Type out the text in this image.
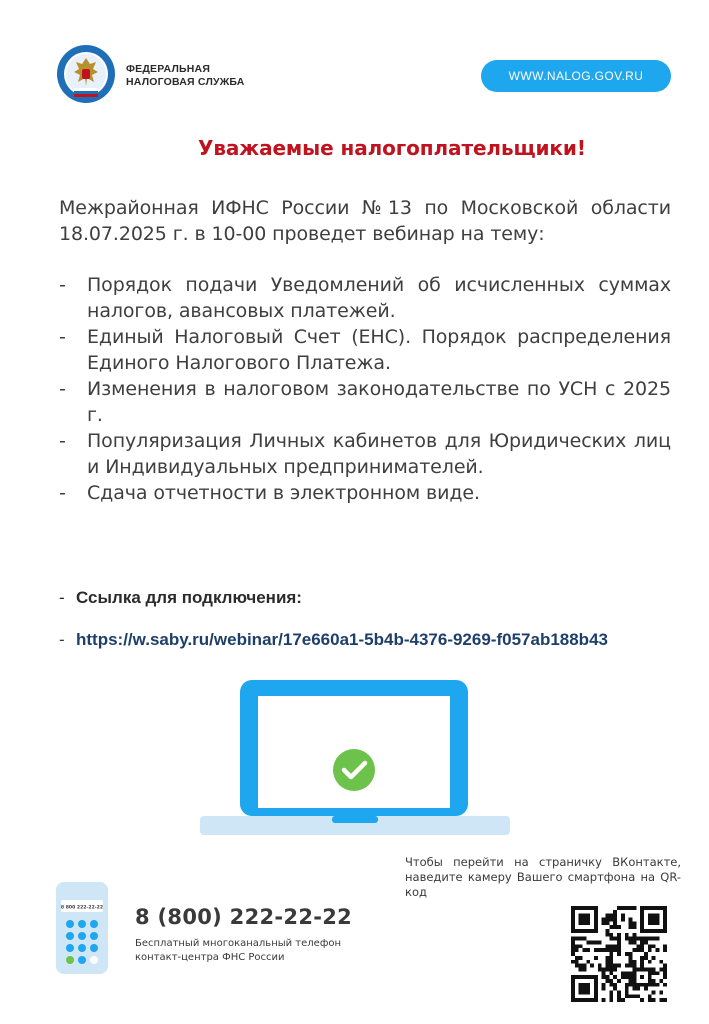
ФЕДЕРАЛЬНАЯ
НАЛОГОВАЯ СЛУЖБА	WWW.NALOG.GOV.RU
Уважаемые налогоплательщики!
Межрайонная ИФНС России №13 по Московской области 18.07.2025 г. в 10-00 проведет вебинар на тему:
- Порядок подачи Уведомлений об исчисленных суммах налогов, авансовых платежей.
- Единый Налоговый Счет (ЕНС). Порядок распределения Единого Налогового Платежа.
- Изменения в налоговом законодательстве по УСН с 2025 г.
- Популяризация Личных кабинетов для Юридических лиц и Индивидуальных предпринимателей.
- Сдача отчетности в электронном виде.
- Ссылка для подключения:
- https://w.saby.ru/webinar/17e660a1-5b4b-4376-9269-f057ab188b43
8 800 222-22-22 8 (800) 222-22-22
Бесплатный многоканальный телефон
контакт-центра ФНС России
Чтобы перейти на страничку ВКонтакте, наведите камеру Вашего смартфона на QR-код
